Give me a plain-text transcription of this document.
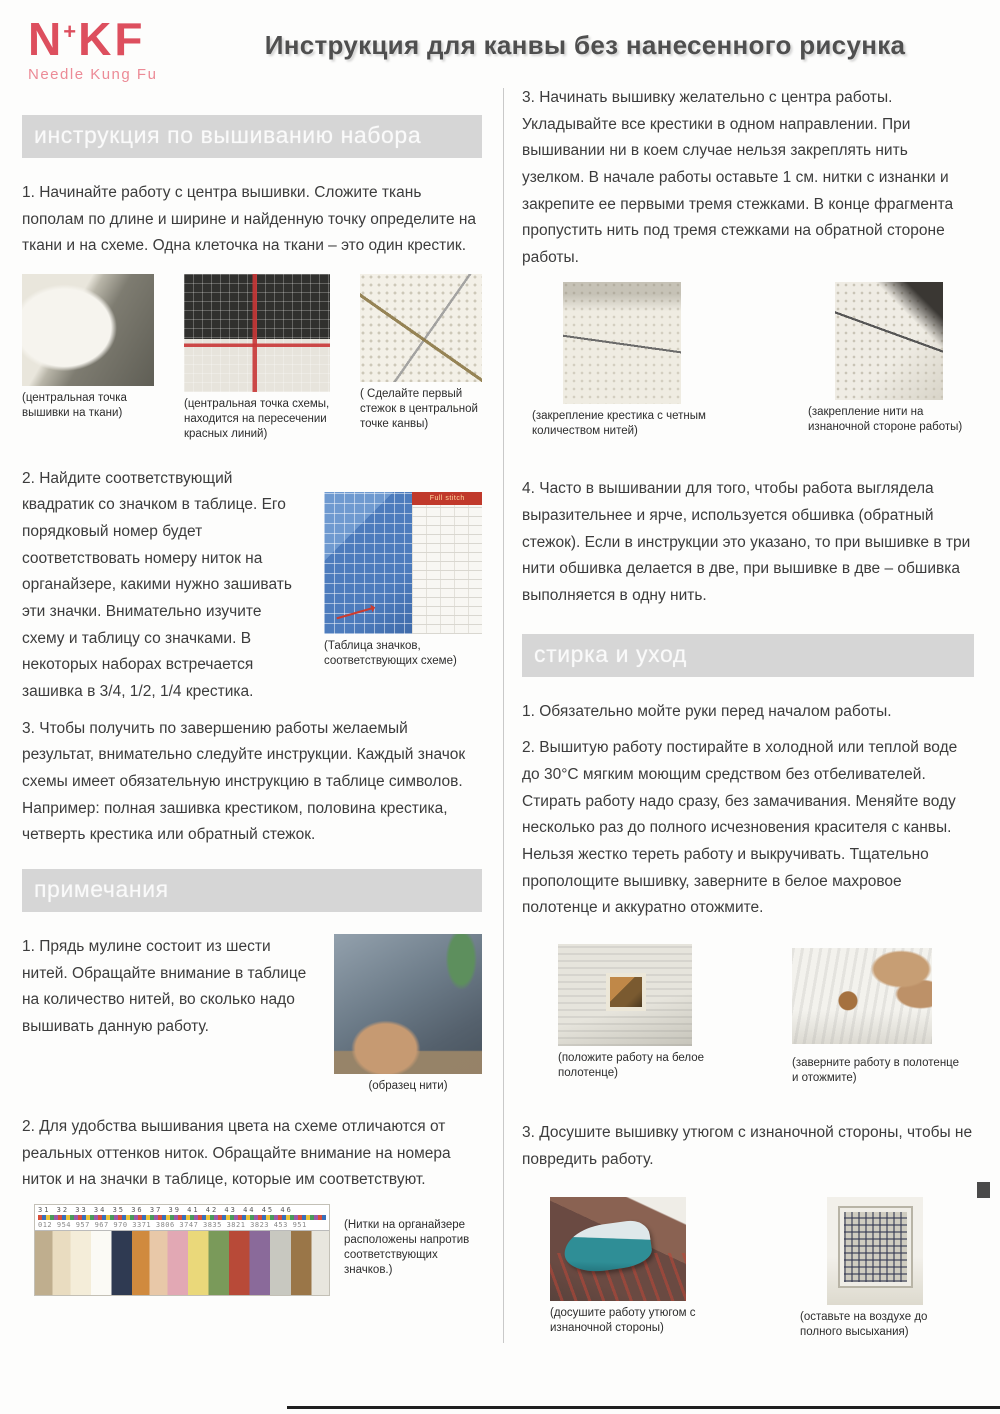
N+KF
Needle Kung Fu
Инструкция для канвы без нанесенного рисунка
инструкция по вышиванию набора

1. Начинайте работу с центра вышивки. Сложите ткань пополам по длине и ширине и найденную точку определите на ткани и на схеме. Одна клеточка на ткани – это один крестик.

(центральная точка вышивки на ткани)
(центральная точка схемы, находится на пересечении красных линий)
( Сделайте первый стежок в центральной точке канвы)

2. Найдите соответствующий квадратик со значком в таблице. Его порядковый номер будет соответствовать номеру ниток на органайзере, какими нужно зашивать эти значки. Внимательно изучите схему и таблицу со значками. В некоторых наборах встречается зашивка в 3/4, 1/2, 1/4 крестика.

Full stitch
(Таблица значков, соответствующих схеме)

3. Чтобы получить по завершению работы желаемый результат, внимательно следуйте инструкции. Каждый значок схемы имеет обязательную инструкцию в таблице символов. Например: полная зашивка крестиком, половина крестика, четверть крестика или обратный стежок.

примечания

1. Прядь мулине состоит из шести нитей. Обращайте внимание в таблице на количество нитей, во сколько надо вышивать данную работу.

(образец нити)

2. Для удобства вышивания цвета на схеме отличаются от реальных оттенков ниток. Обращайте внимание на номера ниток и на значки в таблице, которые им соответствуют.

31 32 33 34 35 36 37 39 41 42 43 44 45 46
012 954 957 967 970 3371 3806 3747 3835 3821 3823 453 951	(Нитки на органайзере расположены напротив соответствующих значков.)

3. Начинать вышивку желательно с центра работы. Укладывайте все крестики в одном направлении. При вышивании ни в коем случае нельзя закреплять нить узелком. В начале работы оставьте 1 см. нитки с изнанки и закрепите ее первыми тремя стежками. В конце фрагмента пропустить нить под тремя стежками на обратной стороне работы.

(закрепление крестика с четным количеством нитей)
(закрепление нити на изнаночной стороне работы)

4. Часто в вышивании для того, чтобы работа выглядела выразительнее и ярче, используется обшивка (обратный стежок). Если в инструкции это указано, то при вышивке в три нити обшивка делается в две, при вышивке в две – обшивка выполняется в одну нить.

стирка и уход

1. Обязательно мойте руки перед началом работы.

2. Вышитую работу постирайте в холодной или теплой воде до 30°С мягким моющим средством без отбеливателей. Стирать работу надо сразу, без замачивания. Меняйте воду несколько раз до полного исчезновения красителя с канвы. Нельзя жестко тереть работу и выкручивать. Тщательно прополощите вышивку, заверните в белое махровое полотенце и аккуратно отожмите.

(положите работу на белое полотенце)
(заверните работу в полотенце и отожмите)

3. Досушите вышивку утюгом с изнаночной стороны, чтобы не повредить работу.

(досушите работу утюгом с изнаночной стороны)
(оставьте на воздухе до полного высыхания)
